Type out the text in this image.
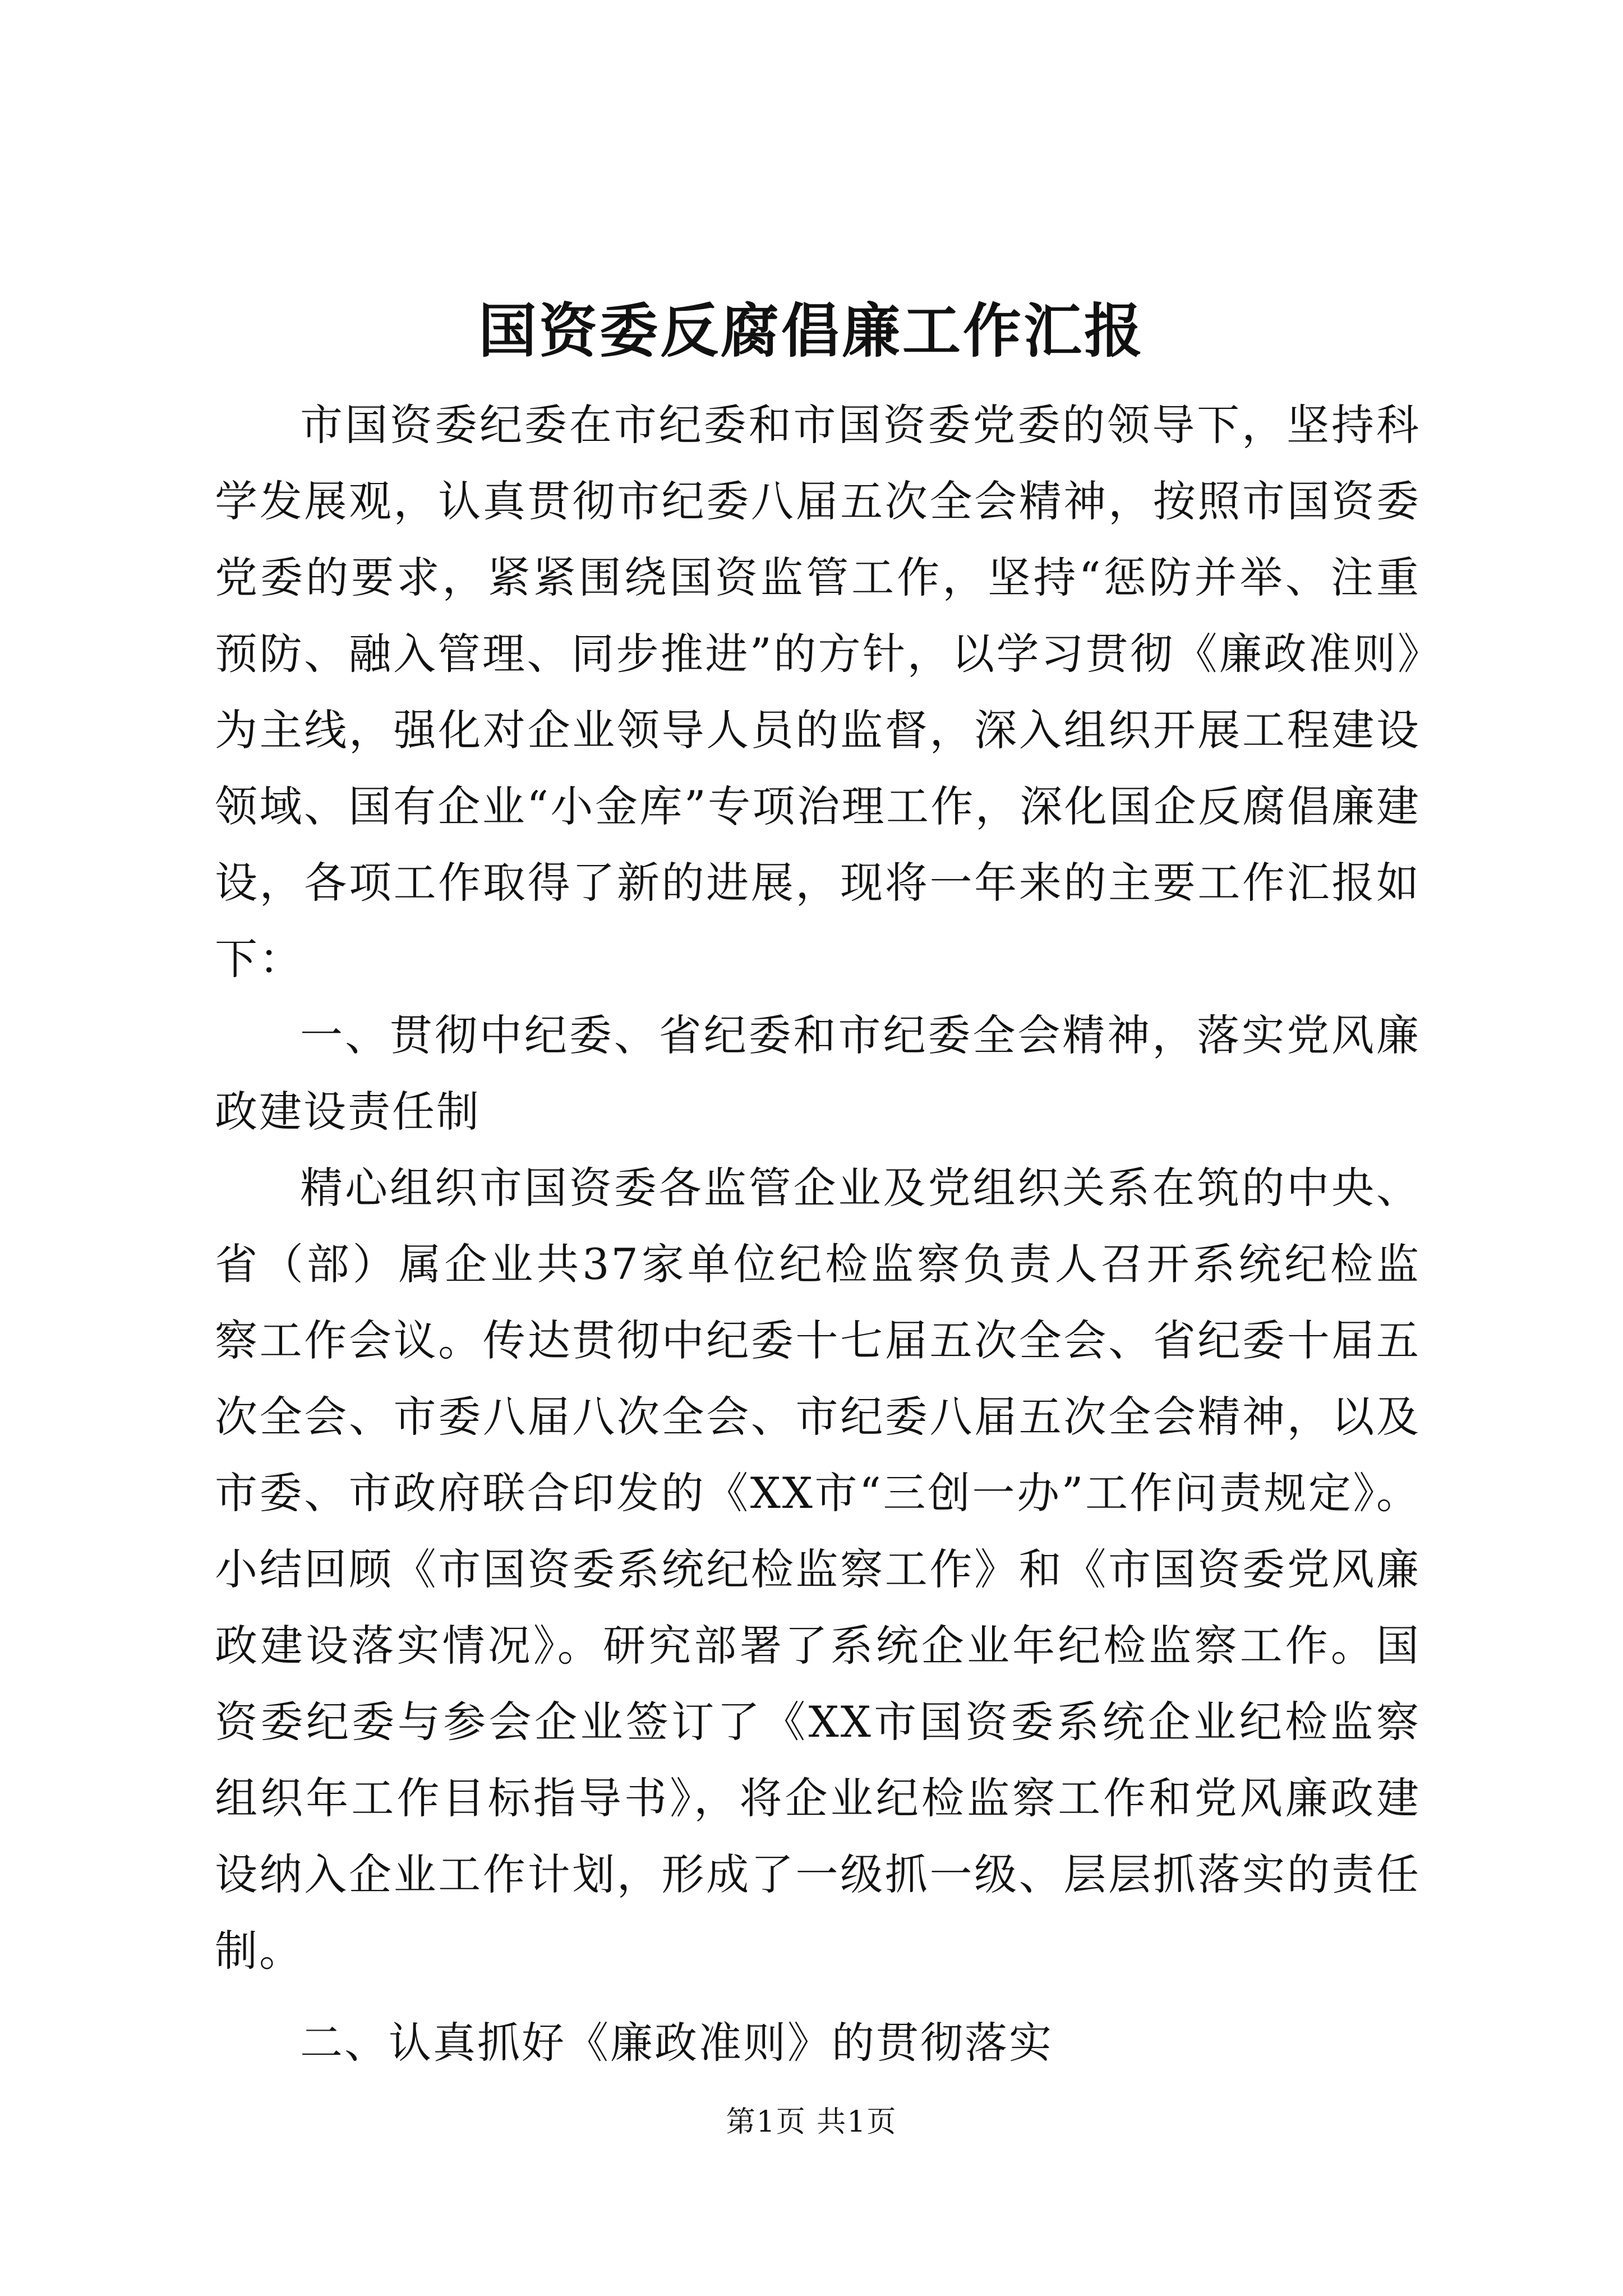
国资委反腐倡廉工作汇报

市国资委纪委在市纪委和市国资委党委的领导下，坚持科学发展观，认真贯彻市纪委八届五次全会精神，按照市国资委党委的要求，紧紧围绕国资监管工作，坚持“惩防并举、注重预防、融入管理、同步推进”的方针，以学习贯彻《廉政准则》为主线，强化对企业领导人员的监督，深入组织开展工程建设领域、国有企业“小金库”专项治理工作，深化国企反腐倡廉建设，各项工作取得了新的进展，现将一年来的主要工作汇报如下：

一、贯彻中纪委、省纪委和市纪委全会精神，落实党风廉政建设责任制

精心组织市国资委各监管企业及党组织关系在筑的中央、省（部）属企业共37家单位纪检监察负责人召开系统纪检监察工作会议。传达贯彻中纪委十七届五次全会、省纪委十届五次全会、市委八届八次全会、市纪委八届五次全会精神，以及市委、市政府联合印发的《XX市“三创一办”工作问责规定》。小结回顾《市国资委系统纪检监察工作》和《市国资委党风廉政建设落实情况》。研究部署了系统企业年纪检监察工作。国资委纪委与参会企业签订了《XX市国资委系统企业纪检监察组织年工作目标指导书》，将企业纪检监察工作和党风廉政建设纳入企业工作计划，形成了一级抓一级、层层抓落实的责任制。

二、认真抓好《廉政准则》的贯彻落实

第1页 共1页
